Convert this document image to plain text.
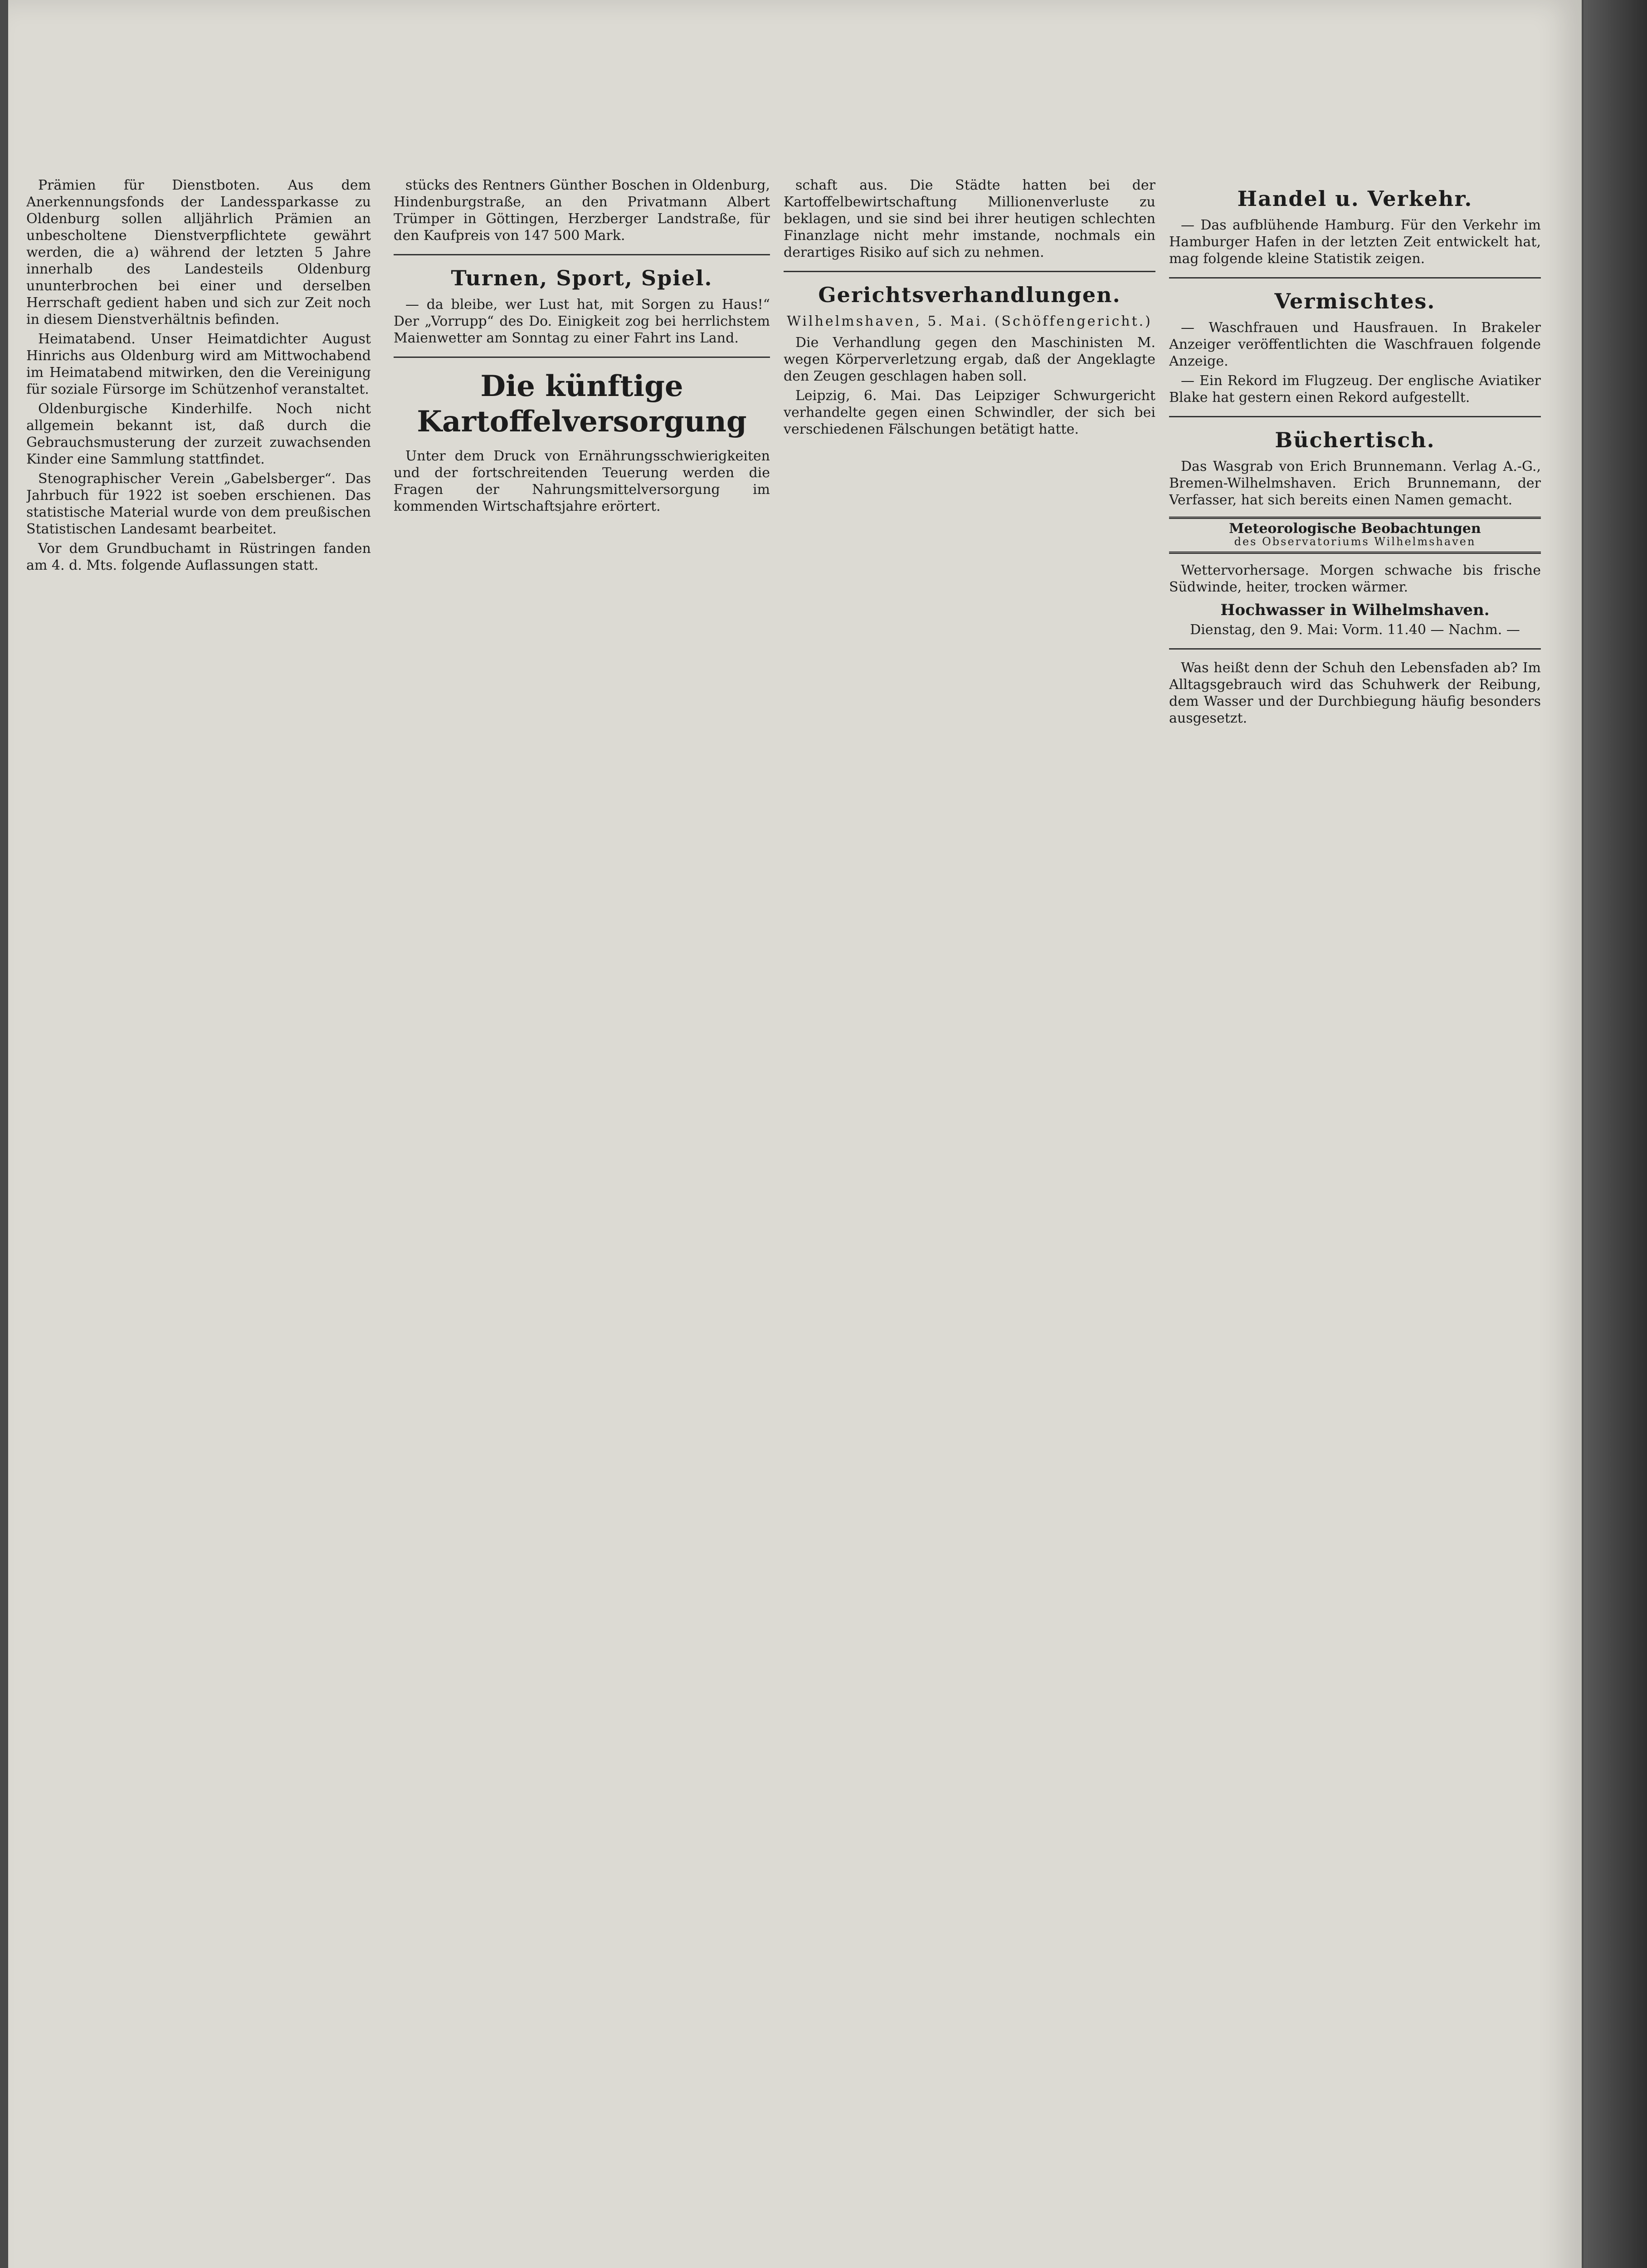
Prämien für Dienstboten. Aus dem Anerkennungsfonds der Landessparkasse zu Oldenburg sollen alljährlich Prämien an unbescholtene Dienstverpflichtete gewährt werden, die a) während der letzten 5 Jahre innerhalb des Landesteils Oldenburg ununterbrochen bei einer und derselben Herrschaft gedient haben und sich zur Zeit noch in diesem Dienstverhältnis befinden.

Heimatabend. Unser Heimatdichter August Hinrichs aus Oldenburg wird am Mittwochabend im Heimatabend mitwirken, den die Vereinigung für soziale Fürsorge im Schützenhof veranstaltet.

Oldenburgische Kinderhilfe. Noch nicht allgemein bekannt ist, daß durch die Gebrauchsmusterung der zurzeit zuwachsenden Kinder eine Sammlung stattfindet.

Stenographischer Verein „Gabelsberger“. Das Jahrbuch für 1922 ist soeben erschienen. Das statistische Material wurde von dem preußischen Statistischen Landesamt bearbeitet.

Vor dem Grundbuchamt in Rüstringen fanden am 4. d. Mts. folgende Auflassungen statt.

stücks des Rentners Günther Boschen in Oldenburg, Hindenburgstraße, an den Privatmann Albert Trümper in Göttingen, Herzberger Landstraße, für den Kaufpreis von 147 500 Mark.

Turnen, Sport, Spiel.

— da bleibe, wer Lust hat, mit Sorgen zu Haus!“ Der „Vorrupp“ des Do. Einigkeit zog bei herrlichstem Maienwetter am Sonntag zu einer Fahrt ins Land.

Die künftige Kartoffelversorgung

Unter dem Druck von Ernährungsschwierigkeiten und der fortschreitenden Teuerung werden die Fragen der Nahrungsmittelversorgung im kommenden Wirtschaftsjahre erörtert.

schaft aus. Die Städte hatten bei der Kartoffelbewirtschaftung Millionenverluste zu beklagen, und sie sind bei ihrer heutigen schlechten Finanzlage nicht mehr imstande, nochmals ein derartiges Risiko auf sich zu nehmen.

Gerichtsverhandlungen.
Wilhelmshaven, 5. Mai. (Schöffengericht.)

Die Verhandlung gegen den Maschinisten M. wegen Körperverletzung ergab, daß der Angeklagte den Zeugen geschlagen haben soll.

Leipzig, 6. Mai. Das Leipziger Schwurgericht verhandelte gegen einen Schwindler, der sich bei verschiedenen Fälschungen betätigt hatte.

Handel u. Verkehr.

— Das aufblühende Hamburg. Für den Verkehr im Hamburger Hafen in der letzten Zeit entwickelt hat, mag folgende kleine Statistik zeigen.

Vermischtes.

— Waschfrauen und Hausfrauen. In Brakeler Anzeiger veröffentlichten die Waschfrauen folgende Anzeige.

— Ein Rekord im Flugzeug. Der englische Aviatiker Blake hat gestern einen Rekord aufgestellt.

Büchertisch.

Das Wasgrab von Erich Brunnemann. Verlag A.-G., Bremen-Wilhelmshaven. Erich Brunnemann, der Verfasser, hat sich bereits einen Namen gemacht.

Meteorologische Beobachtungen
des Observatoriums Wilhelmshaven

Wettervorhersage. Morgen schwache bis frische Südwinde, heiter, trocken wärmer.

Hochwasser in Wilhelmshaven.
Dienstag, den 9. Mai: Vorm. 11.40 — Nachm. —

Was heißt denn der Schuh den Lebensfaden ab? Im Alltagsgebrauch wird das Schuhwerk der Reibung, dem Wasser und der Durchbiegung häufig besonders ausgesetzt.
